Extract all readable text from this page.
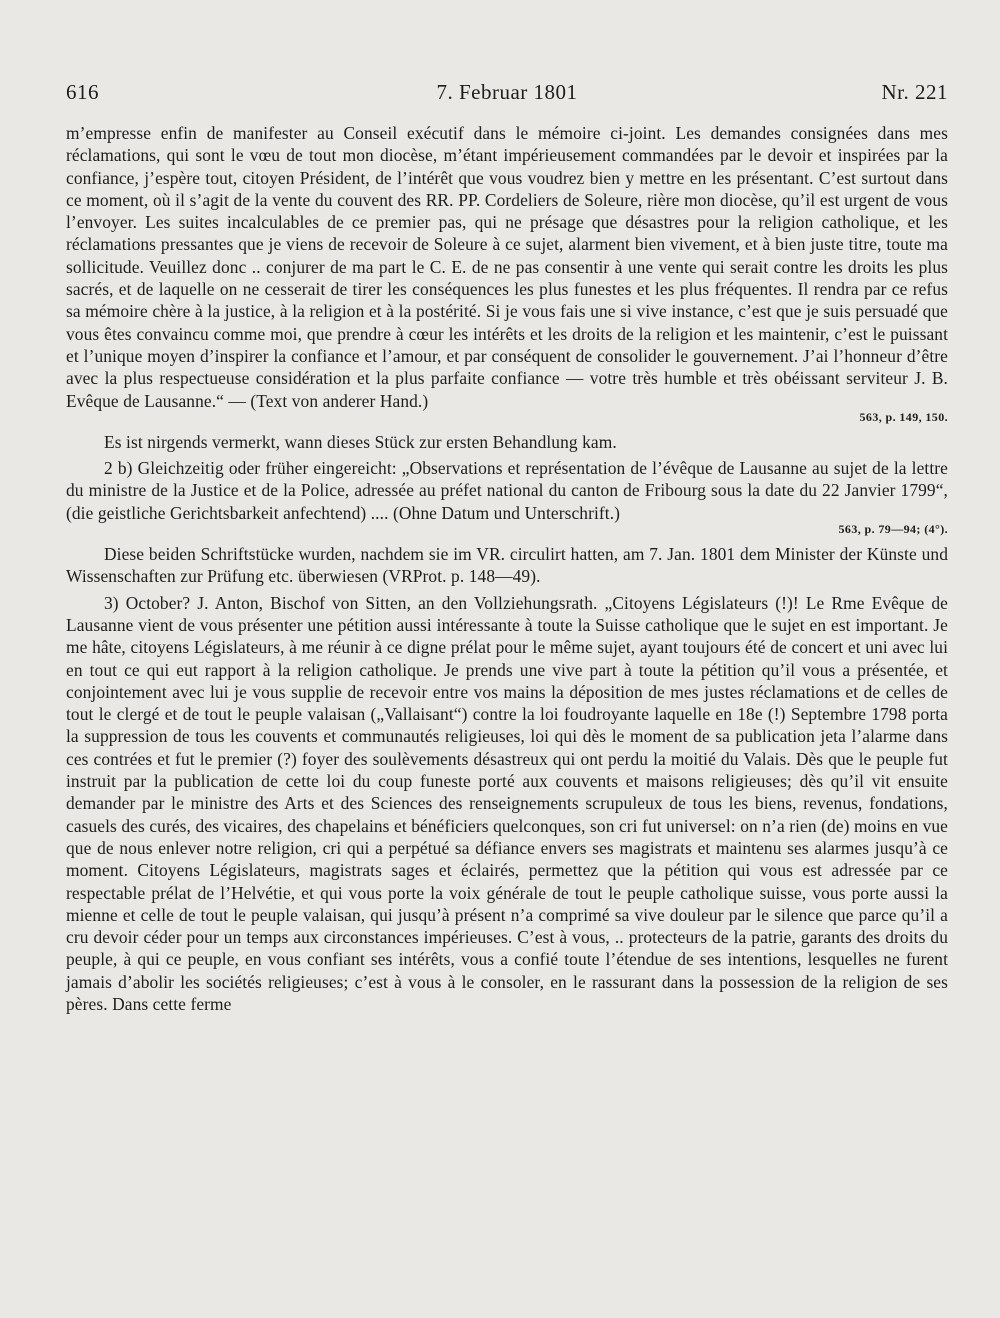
616	7. Februar 1801	Nr. 221

m’empresse enfin de manifester au Conseil exécutif dans le mémoire ci-joint. Les demandes consignées dans mes réclamations, qui sont le vœu de tout mon diocèse, m’étant impérieusement commandées par le devoir et inspirées par la confiance, j’espère tout, citoyen Président, de l’intérêt que vous voudrez bien y mettre en les présentant. C’est surtout dans ce moment, où il s’agit de la vente du couvent des RR. PP. Cordeliers de Soleure, rière mon diocèse, qu’il est urgent de vous l’envoyer. Les suites incalculables de ce premier pas, qui ne présage que désastres pour la religion catholique, et les réclamations pressantes que je viens de recevoir de Soleure à ce sujet, alarment bien vivement, et à bien juste titre, toute ma sollicitude. Veuillez donc .. conjurer de ma part le C. E. de ne pas consentir à une vente qui serait contre les droits les plus sacrés, et de laquelle on ne cesserait de tirer les conséquences les plus funestes et les plus fréquentes. Il rendra par ce refus sa mémoire chère à la justice, à la religion et à la postérité. Si je vous fais une si vive instance, c’est que je suis persuadé que vous êtes convaincu comme moi, que prendre à cœur les intérêts et les droits de la religion et les maintenir, c’est le puissant et l’unique moyen d’inspirer la confiance et l’amour, et par conséquent de consolider le gouvernement. J’ai l’honneur d’être avec la plus respectueuse considération et la plus parfaite confiance — votre très humble et très obéissant serviteur J. B. Evêque de Lausanne.“ — (Text von anderer Hand.)

563, p. 149, 150.

Es ist nirgends vermerkt, wann dieses Stück zur ersten Behandlung kam.

2 b) Gleichzeitig oder früher eingereicht: „Observations et représentation de l’évêque de Lausanne au sujet de la lettre du ministre de la Justice et de la Police, adressée au préfet national du canton de Fribourg sous la date du 22 Janvier 1799“, (die geistliche Gerichtsbarkeit anfechtend) .... (Ohne Datum und Unterschrift.)

563, p. 79—94; (4°).

Diese beiden Schriftstücke wurden, nachdem sie im VR. circulirt hatten, am 7. Jan. 1801 dem Minister der Künste und Wissenschaften zur Prüfung etc. überwiesen (VRProt. p. 148—49).

3) October? J. Anton, Bischof von Sitten, an den Vollziehungsrath. „Citoyens Législateurs (!)! Le Rme Evêque de Lausanne vient de vous présenter une pétition aussi intéressante à toute la Suisse catholique que le sujet en est important. Je me hâte, citoyens Législateurs, à me réunir à ce digne prélat pour le même sujet, ayant toujours été de concert et uni avec lui en tout ce qui eut rapport à la religion catholique. Je prends une vive part à toute la pétition qu’il vous a présentée, et conjointement avec lui je vous supplie de recevoir entre vos mains la déposition de mes justes réclamations et de celles de tout le clergé et de tout le peuple valaisan („Vallaisant“) contre la loi foudroyante laquelle en 18e (!) Septembre 1798 porta la suppression de tous les couvents et communautés religieuses, loi qui dès le moment de sa publication jeta l’alarme dans ces contrées et fut le premier (?) foyer des soulèvements désastreux qui ont perdu la moitié du Valais. Dès que le peuple fut instruit par la publication de cette loi du coup funeste porté aux couvents et maisons religieuses; dès qu’il vit ensuite demander par le ministre des Arts et des Sciences des renseignements scrupuleux de tous les biens, revenus, fondations, casuels des curés, des vicaires, des chapelains et bénéficiers quelconques, son cri fut universel: on n’a rien (de) moins en vue que de nous enlever notre religion, cri qui a perpétué sa défiance envers ses magistrats et maintenu ses alarmes jusqu’à ce moment. Citoyens Législateurs, magistrats sages et éclairés, permettez que la pétition qui vous est adressée par ce respectable prélat de l’Helvétie, et qui vous porte la voix générale de tout le peuple catholique suisse, vous porte aussi la mienne et celle de tout le peuple valaisan, qui jusqu’à présent n’a comprimé sa vive douleur par le silence que parce qu’il a cru devoir céder pour un temps aux circonstances impérieuses. C’est à vous, .. protecteurs de la patrie, garants des droits du peuple, à qui ce peuple, en vous confiant ses intérêts, vous a confié toute l’étendue de ses intentions, lesquelles ne furent jamais d’abolir les sociétés religieuses; c’est à vous à le consoler, en le rassurant dans la possession de la religion de ses pères. Dans cette ferme
